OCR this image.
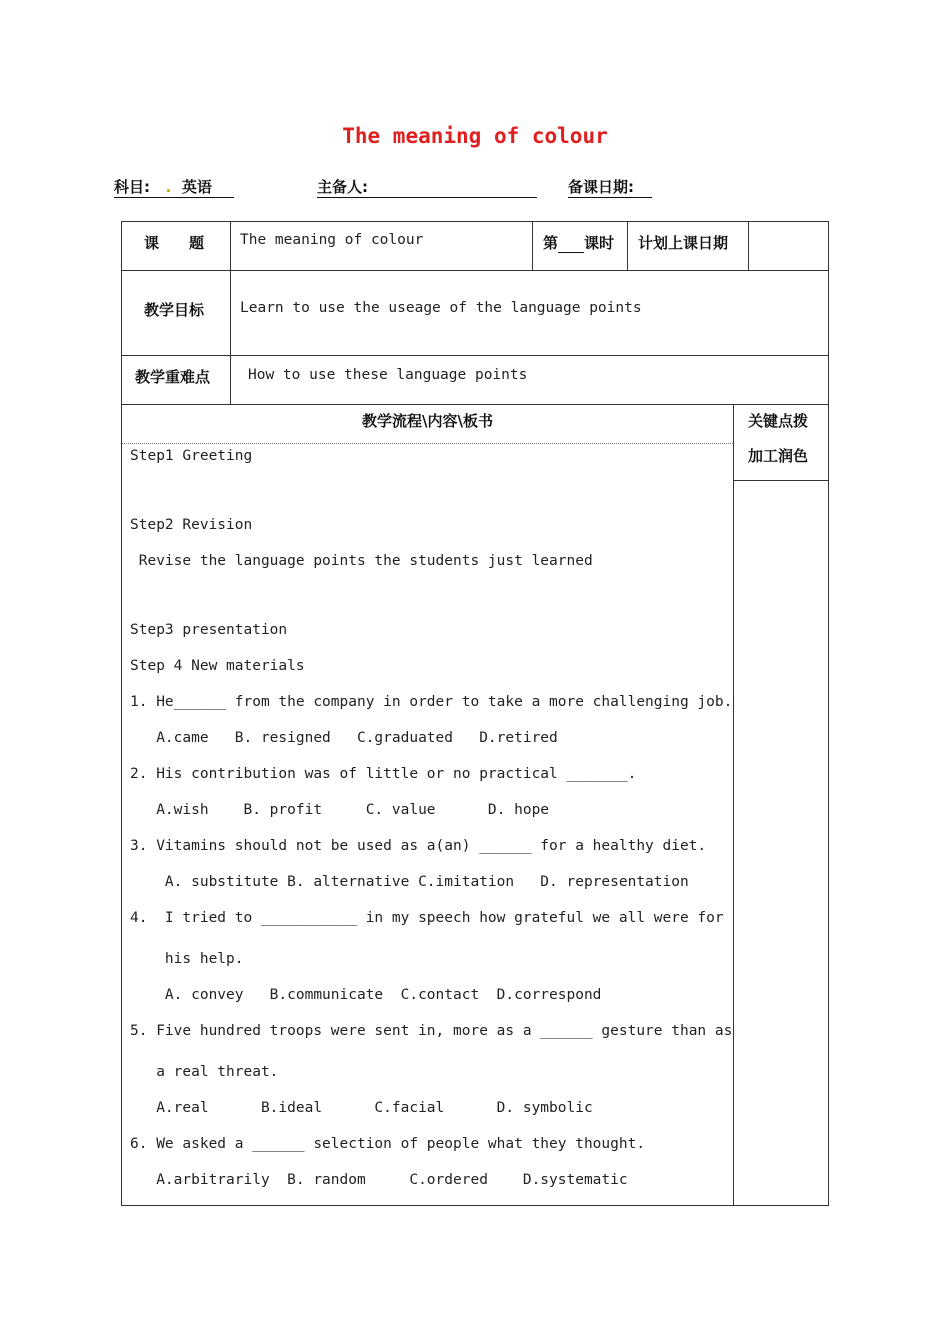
The meaning of colour
科目:   .  英语	主备人:	备课日期:
课　　题 The meaning of colour	第 课时 计划上课日期
教学目标 Learn to use the useage of the language points
教学重难点	How to use these language points
教学流程\内容\板书	关键点拨
加工润色
Step1 Greeting
Step2 Revision
Revise the language points the students just learned
Step3 presentation
Step 4 New materials
1. He______ from the company in order to take a more challenging job.
A.came   B. resigned   C.graduated   D.retired
2. His contribution was of little or no practical _______.
A.wish    B. profit     C. value      D. hope
3. Vitamins should not be used as a(an) ______ for a healthy diet.
A. substitute B. alternative C.imitation   D. representation
4.  I tried to ___________ in my speech how grateful we all were for
his help.
A. convey   B.communicate  C.contact  D.correspond
5. Five hundred troops were sent in, more as a ______ gesture than as
a real threat.
A.real      B.ideal      C.facial      D. symbolic
6. We asked a ______ selection of people what they thought.
A.arbitrarily  B. random     C.ordered    D.systematic
